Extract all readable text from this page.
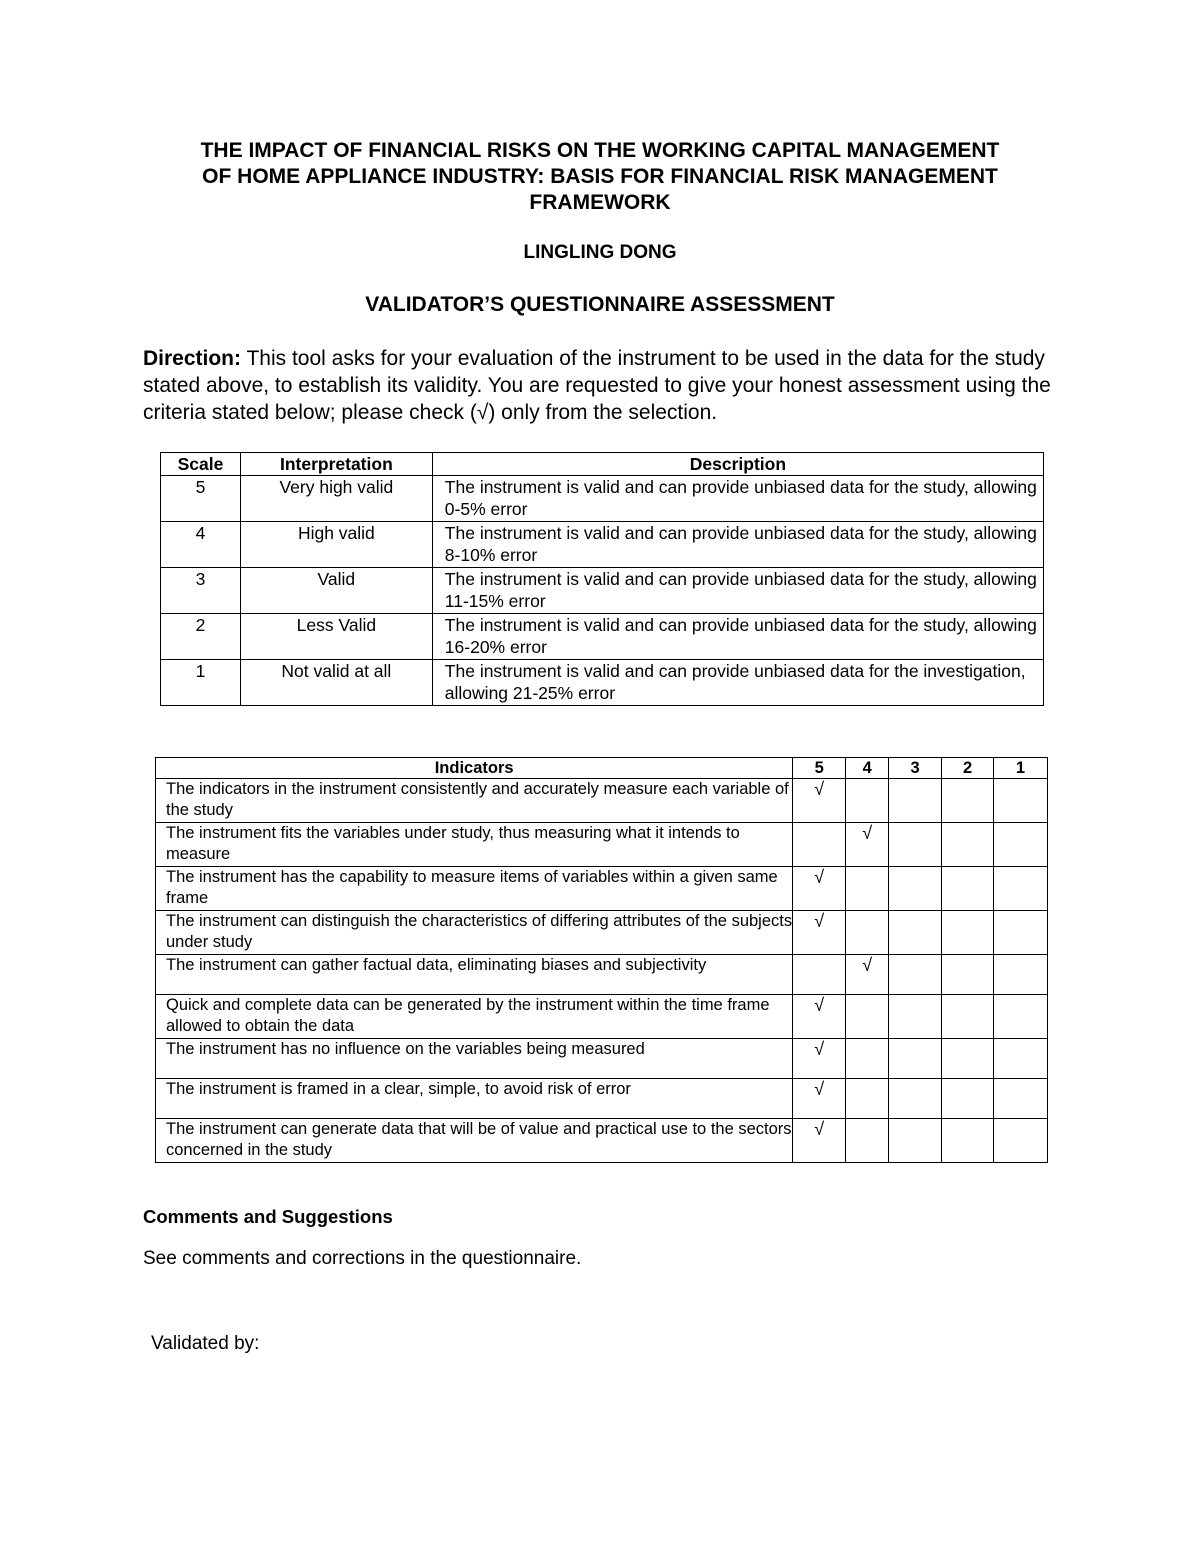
THE IMPACT OF FINANCIAL RISKS ON THE WORKING CAPITAL MANAGEMENT
OF HOME APPLIANCE INDUSTRY: BASIS FOR FINANCIAL RISK MANAGEMENT
FRAMEWORK
LINGLING DONG
VALIDATOR’S QUESTIONNAIRE ASSESSMENT
Direction: This tool asks for your evaluation of the instrument to be used in the data for the study stated above, to establish its validity. You are requested to give your honest assessment using the criteria stated below; please check (√) only from the selection.
Scale	Interpretation	Description
5	Very high valid	The instrument is valid and can provide unbiased data for the study, allowing 0-5% error
4	High valid	The instrument is valid and can provide unbiased data for the study, allowing 8-10% error
3	Valid	The instrument is valid and can provide unbiased data for the study, allowing 11-15% error
2	Less Valid	The instrument is valid and can provide unbiased data for the study, allowing 16-20% error
1	Not valid at all	The instrument is valid and can provide unbiased data for the investigation, allowing 21-25% error
Indicators	5	4	3	2	1
The indicators in the instrument consistently and accurately measure each variable of the study	√				
The instrument fits the variables under study, thus measuring what it intends to measure		√			
The instrument has the capability to measure items of variables within a given same frame	√				
The instrument can distinguish the characteristics of differing attributes of the subjects under study	√				
The instrument can gather factual data, eliminating biases and subjectivity		√			
Quick and complete data can be generated by the instrument within the time frame allowed to obtain the data	√				
The instrument has no influence on the variables being measured	√				
The instrument is framed in a clear, simple, to avoid risk of error	√				
The instrument can generate data that will be of value and practical use to the sectors concerned in the study	√				
Comments and Suggestions
See comments and corrections in the questionnaire.
Validated by:
